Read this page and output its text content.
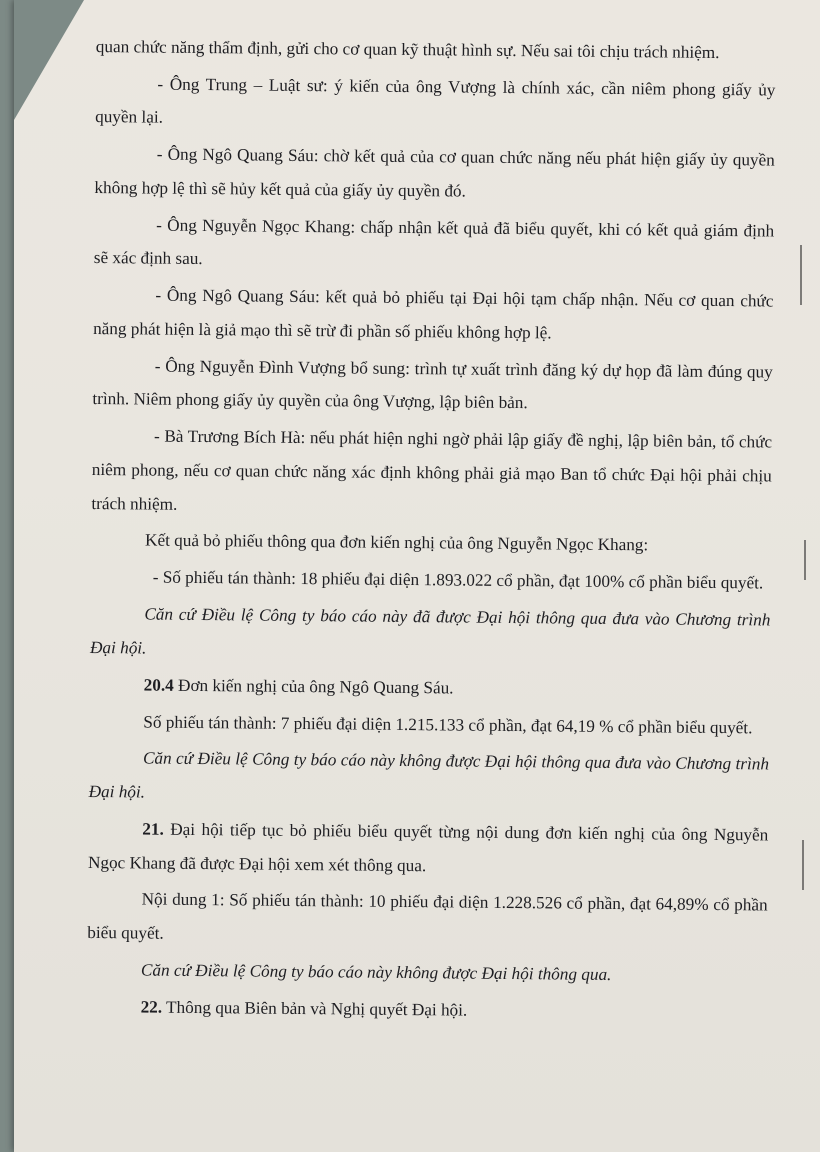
quan chức năng thẩm định, gửi cho cơ quan kỹ thuật hình sự. Nếu sai tôi chịu trách nhiệm.

- Ông Trung – Luật sư: ý kiến của ông Vượng là chính xác, cần niêm phong giấy ủy quyền lại.

- Ông Ngô Quang Sáu: chờ kết quả của cơ quan chức năng nếu phát hiện giấy ủy quyền không hợp lệ thì sẽ hủy kết quả của giấy ủy quyền đó.

- Ông Nguyễn Ngọc Khang: chấp nhận kết quả đã biểu quyết, khi có kết quả giám định sẽ xác định sau.

- Ông Ngô Quang Sáu: kết quả bỏ phiếu tại Đại hội tạm chấp nhận. Nếu cơ quan chức năng phát hiện là giả mạo thì sẽ trừ đi phần số phiếu không hợp lệ.

- Ông Nguyễn Đình Vượng bổ sung: trình tự xuất trình đăng ký dự họp đã làm đúng quy trình. Niêm phong giấy ủy quyền của ông Vượng, lập biên bản.

- Bà Trương Bích Hà: nếu phát hiện nghi ngờ phải lập giấy đề nghị, lập biên bản, tổ chức niêm phong, nếu cơ quan chức năng xác định không phải giả mạo Ban tổ chức Đại hội phải chịu trách nhiệm.

Kết quả bỏ phiếu thông qua đơn kiến nghị của ông Nguyễn Ngọc Khang:

- Số phiếu tán thành: 18 phiếu đại diện 1.893.022 cổ phần, đạt 100% cổ phần biểu quyết.

Căn cứ Điều lệ Công ty báo cáo này đã được Đại hội thông qua đưa vào Chương trình Đại hội.

20.4 Đơn kiến nghị của ông Ngô Quang Sáu.

Số phiếu tán thành: 7 phiếu đại diện 1.215.133 cổ phần, đạt 64,19 % cổ phần biểu quyết.

Căn cứ Điều lệ Công ty báo cáo này không được Đại hội thông qua đưa vào Chương trình Đại hội.

21. Đại hội tiếp tục bỏ phiếu biểu quyết từng nội dung đơn kiến nghị của ông Nguyễn Ngọc Khang đã được Đại hội xem xét thông qua.

Nội dung 1: Số phiếu tán thành: 10 phiếu đại diện 1.228.526 cổ phần, đạt 64,89% cổ phần biểu quyết.

Căn cứ Điều lệ Công ty báo cáo này không được Đại hội thông qua.

22. Thông qua Biên bản và Nghị quyết Đại hội.
